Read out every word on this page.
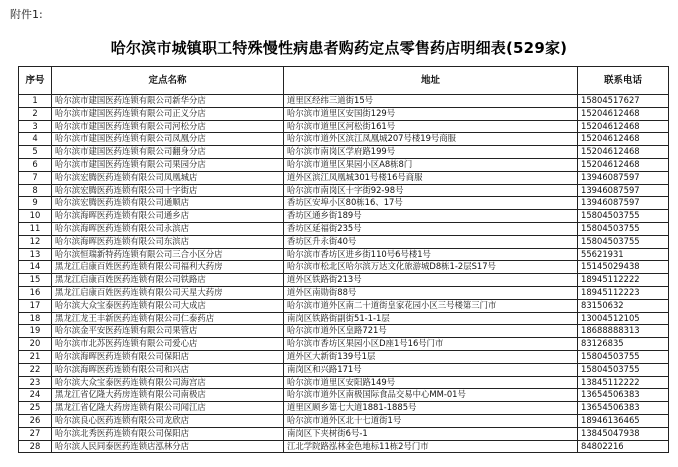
附件1:
哈尔滨市城镇职工特殊慢性病患者购药定点零售药店明细表(529家)
序号	定点名称	地址	联系电话
1	哈尔滨市建国医药连锁有限公司新华分店	道里区经纬三道街15号	15804517627
2	哈尔滨市建国医药连锁有限公司正义分店	哈尔滨市道里区安国街129号	15204612468
3	哈尔滨市建国医药连锁有限公司河松分店	哈尔滨市道里区河松街161号	15204612468
4	哈尔滨市建国医药连锁有限公司凤凰分店	哈尔滨市道外区滨江凤凰城207号楼19号商服	15204612468
5	哈尔滨市建国医药连锁有限公司翻身分店	哈尔滨市南岗区学府路199号	15204612468
6	哈尔滨市建国医药连锁有限公司果园分店	哈尔滨市道里区果园小区A8栋8门	15204612468
7	哈尔滨宏腾医药连锁有限公司凤凰城店	道外区滨江凤凰城301号楼16号商服	13946087597
8	哈尔滨宏腾医药连锁有限公司十字街店	哈尔滨市南岗区十字街92-98号	13946087597
9	哈尔滨宏腾医药连锁有限公司通顺店	香坊区安埠小区80栋16、17号	13946087597
10	哈尔滨海晖医药连锁有限公司通乡店	香坊区通乡街189号	15804503755
11	哈尔滨海晖医药连锁有限公司永滨店	香坊区延福街235号	15804503755
12	哈尔滨海晖医药连锁有限公司东滨店	香坊区升永街40号	15804503755
13	哈尔滨恒瑞新特药连锁有限公司三合小区分店	哈尔滨市香坊区进乡街110号6号楼1号	55621931
14	黑龙江启康百姓医药连锁有限公司福利大药房	哈尔滨市松北区哈尔滨万达文化旅游城D8栋1-2层S17号	15145029438
15	黑龙江启康百姓医药连锁有限公司铁路店	道外区铁路街213号	18945112222
16	黑龙江启康百姓医药连锁有限公司天星大药房	道外区南勋街88号	18945112223
17	哈尔滨大众宝泰医药连锁有限公司大成店	哈尔滨市道外区南二十道街皇家花园小区三号楼第三门市	83150632
18	黑龙江龙王丰新医药连锁有限公司仁泰药店	南岗区铁路街副街51-1-1层	13004512105
19	哈尔滨金平安医药连锁有限公司果管店	哈尔滨市道外区皇路721号	18688888313
20	哈尔滨市北苏医药连锁有限公司爱心店	哈尔滨市香坊区果园小区D座1号16号门市	83126835
21	哈尔滨海晖医药连锁有限公司保阳店	道外区大新街139号1层	15804503755
22	哈尔滨海晖医药连锁有限公司和兴店	南岗区和兴路171号	15804503755
23	哈尔滨大众宝泰医药连锁有限公司海宫店	哈尔滨市道里区安阳路149号	13845112222
24	黑龙江省亿隆大药房连锁有限公司南极店	哈尔滨市道外区南极国际食品交易中心MM-01号	13654506383
25	黑龙江省亿隆大药房连锁有限公司闻江店	道里区顾乡第七大道1881-1885号	13654506383
26	哈尔滨良心医药连锁有限公司龙欣店	哈尔滨市道外区北十七道街1号	18946136465
27	哈尔滨北秀医药连锁有限公司保阳店	南岗区下夹树街6号-1	13845047938
28	哈尔滨人民同泰医药连锁店泓林分店	江北学院路泓林金色地标11栋2号门市	84802216
